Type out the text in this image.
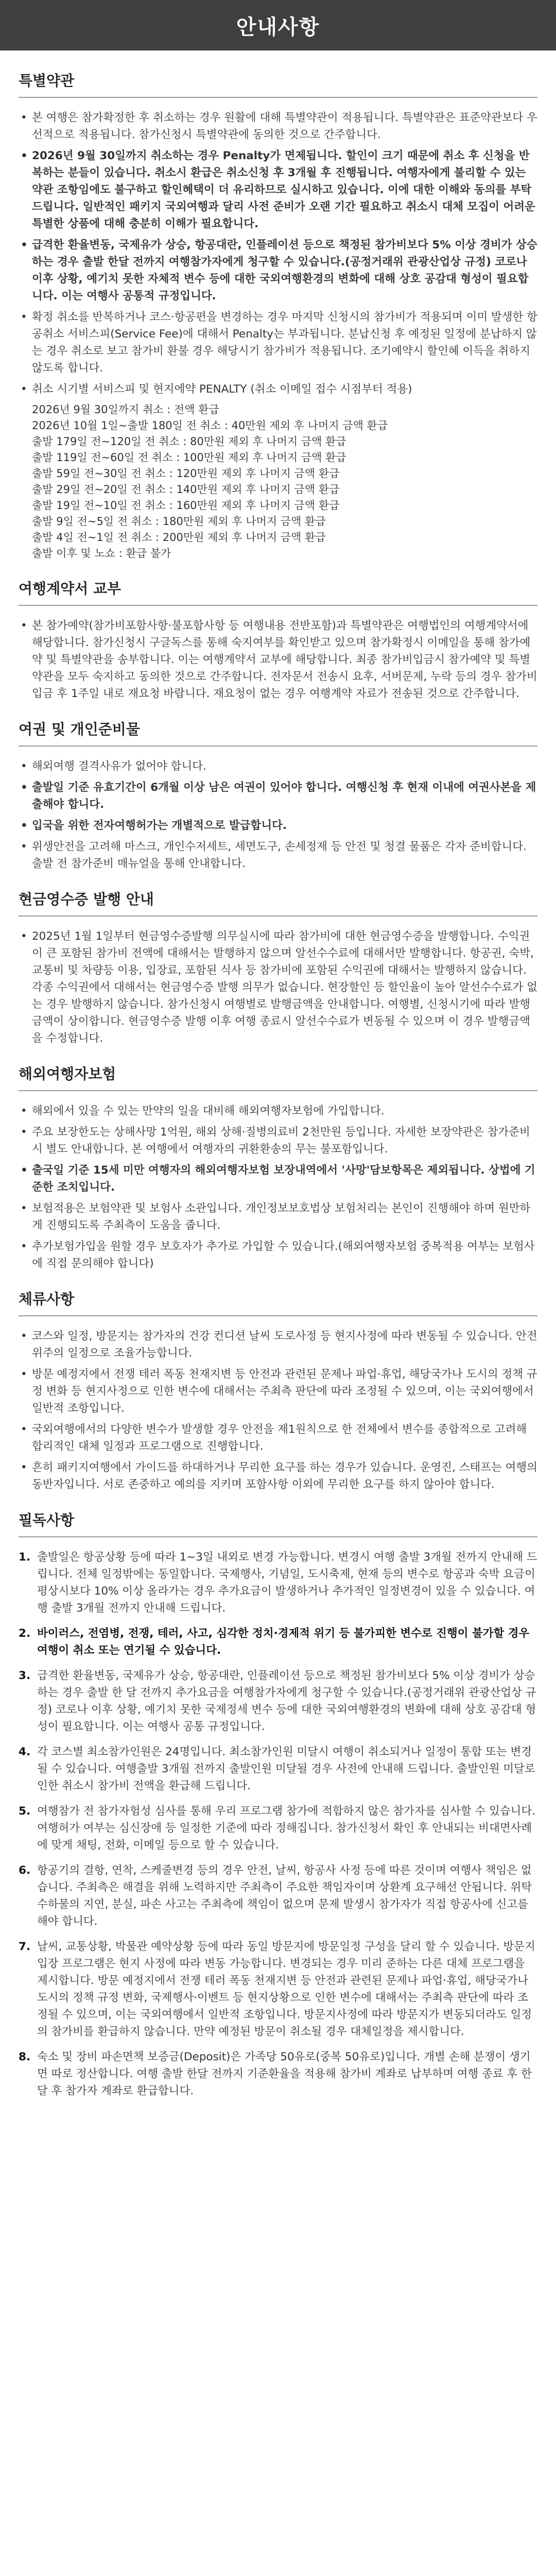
안내사항
특별약관
• 본 여행은 참가확정한 후 취소하는 경우 원활에 대해 특별약관이 적용됩니다. 특별약관은 표준약관보다 우선적으로 적용됩니다. 참가신청시 특별약관에 동의한 것으로 간주합니다.
• 2026년 9월 30일까지 취소하는 경우 Penalty가 면제됩니다. 할인이 크기 때문에 취소 후 신청을 반복하는 분들이 있습니다. 취소시 환급은 취소신청 후 3개월 후 진행됩니다. 여행자에게 불리할 수 있는 약관 조항임에도 불구하고 할인혜택이 더 유리하므로 실시하고 있습니다. 이에 대한 이해와 동의를 부탁드립니다. 일반적인 패키지 국외여행과 달리 사전 준비가 오랜 기간 필요하고 취소시 대체 모집이 어려운 특별한 상품에 대해 충분히 이해가 필요합니다.
• 급격한 환율변동, 국제유가 상승, 항공대란, 인플레이션 등으로 책정된 참가비보다 5% 이상 경비가 상승하는 경우 출발 한달 전까지 여행참가자에게 청구할 수 있습니다.(공정거래위 관광산업상 규정) 코로나 이후 상황, 예기치 못한 자체적 변수 등에 대한 국외여행환경의 변화에 대해 상호 공감대 형성이 필요합니다. 이는 여행사 공통적 규정입니다.
• 확정 취소를 반복하거나 코스·항공편을 변경하는 경우 마지막 신청시의 참가비가 적용되며 이미 발생한 항공취소 서비스피(Service Fee)에 대해서 Penalty는 부과됩니다. 분납신청 후 예정된 일정에 분납하지 않는 경우 취소로 보고 참가비 환불 경우 해당시기 참가비가 적용됩니다. 조기예약시 할인혜 이득을 취하지 않도록 합니다.
• 취소 시기별 서비스피 및 현지에약 PENALTY (취소 이메일 접수 시점부터 적용)
2026년 9월 30일까지 취소 : 전액 환급
2026년 10월 1일~출발 180일 전 취소 : 40만원 제외 후 나머지 금액 환급
출발 179일 전~120일 전 취소 : 80만원 제외 후 나머지 금액 환급
출발 119일 전~60일 전 취소 : 100만원 제외 후 나머지 금액 환급
출발 59일 전~30일 전 취소 : 120만원 제외 후 나머지 금액 환급
출발 29일 전~20일 전 취소 : 140만원 제외 후 나머지 금액 환급
출발 19일 전~10일 전 취소 : 160만원 제외 후 나머지 금액 환급
출발 9일 전~5일 전 취소 : 180만원 제외 후 나머지 금액 환급
출발 4일 전~1일 전 취소 : 200만원 제외 후 나머지 금액 환급
출발 이후 및 노쇼 : 환급 불가
여행계약서 교부
• 본 참가예약(참가비포함사항·불포함사항 등 여행내용 전반포함)과 특별약관은 여행법인의 여행계약서에 해당합니다. 참가신청시 구글독스를 통해 숙지여부를 확인받고 있으며 참가확정시 이메일을 통해 참가예약 및 특별약관을 송부합니다. 이는 여행계약서 교부에 해당합니다. 최종 참가비입금시 참가예약 및 특별약관을 모두 숙지하고 동의한 것으로 간주합니다. 전자문서 전송시 요후, 서버문제, 누락 등의 경우 참가비입금 후 1주일 내로 재요청 바랍니다. 재요청이 없는 경우 여행계약 자료가 전송된 것으로 간주합니다.
여권 및 개인준비물
• 해외여행 결격사유가 없어야 합니다.
• 출발일 기준 유효기간이 6개월 이상 남은 여권이 있어야 합니다. 여행신청 후 현재 이내에 여권사본을 제출해야 합니다.
• 입국을 위한 전자여행허가는 개별적으로 발급합니다.
• 위생안전을 고려해 마스크, 개인수저세트, 세면도구, 손세정제 등 안전 및 청결 물품은 각자 준비합니다. 출발 전 참가준비 매뉴얼을 통해 안내합니다.
현금영수증 발행 안내
• 2025년 1월 1일부터 현금영수증발행 의무실시에 따라 참가비에 대한 현금영수증을 발행합니다. 수익권이 큰 포함된 참가비 전액에 대해서는 발행하지 않으며 알선수수료에 대해서만 발행합니다. 항공권, 숙박, 교통비 및 차량등 이용, 입장료, 포함된 식사 등 참가비에 포함된 수익권에 대해서는 발행하지 않습니다. 각종 수익권에서 대해서는 현금영수증 발행 의무가 없습니다. 현장할인 등 할인율이 높아 알선수수료가 없는 경우 발행하지 않습니다. 참가신청시 여행별로 발행금액을 안내합니다. 여행별, 신청시기에 따라 발행금액이 상이합니다. 현금영수증 발행 이후 여행 종료시 알선수수료가 변동될 수 있으며 이 경우 발행금액을 수정합니다.
해외여행자보험
• 해외에서 있을 수 있는 만약의 일을 대비해 해외여행자보험에 가입합니다.
• 주요 보장한도는 상해사망 1억원, 해외 상해·질병의료비 2천만원 등입니다. 자세한 보장약관은 참가준비 시 별도 안내합니다. 본 여행에서 여행자의 귀환환송의 무는 불포함입니다.
• 출국일 기준 15세 미만 여행자의 해외여행자보험 보장내역에서 '사망'담보항목은 제외됩니다. 상법에 기준한 조치입니다.
• 보험적용은 보험약관 및 보험사 소관입니다. 개인정보보호법상 보험처리는 본인이 진행해야 하며 원만하게 진행되도록 주최측이 도움을 줍니다.
• 추가보험가입을 원할 경우 보호자가 추가로 가입할 수 있습니다.(해외여행자보험 중복적용 여부는 보험사에 직접 문의해야 합니다)
체류사항
• 코스와 일정, 방문지는 참가자의 건강 컨디션 날씨 도로사정 등 현지사정에 따라 변동될 수 있습니다. 안전위주의 일정으로 조율가능합니다.
• 방문 예정지에서 전쟁 테러 폭동 천재지변 등 안전과 관련된 문제나 파업·휴업, 해당국가나 도시의 정책 규정 변화 등 현지사정으로 인한 변수에 대해서는 주최측 판단에 따라 조정될 수 있으며, 이는 국외여행에서 일반적 조항입니다.
• 국외여행에서의 다양한 변수가 발생할 경우 안전을 제1원칙으로 한 전체에서 변수를 종합적으로 고려해 합리적인 대체 일정과 프로그램으로 진행합니다.
• 흔히 패키지여행에서 가이드를 하대하거나 무리한 요구를 하는 경우가 있습니다. 운영진, 스태프는 여행의 동반자입니다. 서로 존중하고 예의를 지키며 포함사항 이외에 무리한 요구를 하지 않아야 합니다.
필독사항
1. 출발일은 항공상황 등에 따라 1~3일 내외로 변경 가능합니다. 변경시 여행 출발 3개월 전까지 안내해 드립니다. 전체 일정밖에는 동일합니다. 국제행사, 기념일, 도시축제, 현재 등의 변수로 항공과 숙박 요금이 평상시보다 10% 이상 올라가는 경우 추가요금이 발생하거나 추가적인 일정변경이 있을 수 있습니다. 여행 출발 3개월 전까지 안내해 드립니다.
2. 바이러스, 전염병, 전쟁, 테러, 사고, 심각한 정치·경제적 위기 등 불가피한 변수로 진행이 불가할 경우 여행이 취소 또는 연기될 수 있습니다.
3. 급격한 환율변동, 국제유가 상승, 항공대란, 인플레이션 등으로 책정된 참가비보다 5% 이상 경비가 상승하는 경우 출발 한 달 전까지 추가요금을 여행참가자에게 청구할 수 있습니다.(공정거래위 관광산업상 규정) 코로나 이후 상황, 예기치 못한 국제정세 변수 등에 대한 국외여행환경의 변화에 대해 상호 공감대 형성이 필요합니다. 이는 여행사 공통 규정입니다.
4. 각 코스별 최소참가인원은 24명입니다. 최소참가인원 미달시 여행이 취소되거나 일정이 통합 또는 변경될 수 있습니다. 여행출발 3개월 전까지 출발인원 미달될 경우 사전에 안내해 드립니다. 출발인원 미달로 인한 취소시 참가비 전액을 환급해 드립니다.
5. 여행참가 전 참가자험성 심사를 통해 우리 프로그램 참가에 적합하지 않은 참가자를 심사할 수 있습니다. 여행허가 여부는 심신장애 등 일정한 기준에 따라 정해집니다. 참가신청서 확인 후 안내되는 비대면사례에 맞게 채팅, 전화, 이메일 등으로 할 수 있습니다.
6. 항공기의 결항, 연착, 스케줄변경 등의 경우 안전, 날씨, 항공사 사정 등에 따른 것이며 여행사 책임은 없습니다. 주최측은 해결을 위해 노력하지만 주최측이 주요한 책임자이며 상환계 요구해선 안됩니다. 위탁 수하물의 지연, 분실, 파손 사고는 주최측에 책임이 없으며 문제 발생시 참가자가 직접 항공사에 신고를 해야 합니다.
7. 날씨, 교통상황, 박물관 예약상황 등에 따라 동일 방문지에 방문일정 구성을 달리 할 수 있습니다. 방문지 입장 프로그램은 현지 사정에 따라 변동 가능합니다. 변경되는 경우 미리 준하는 다른 대체 프로그램을 제시합니다. 방문 예정지에서 전쟁 테러 폭동 천재지변 등 안전과 관련된 문제나 파업·휴업, 해당국가나 도시의 정책 규정 변화, 국제행사·이벤트 등 현지상황으로 인한 변수에 대해서는 주최측 판단에 따라 조정될 수 있으며, 이는 국외여행에서 일반적 조항입니다. 방문지사정에 따라 방문지가 변동되더라도 일정의 참가비를 환급하지 않습니다. 만약 예정된 방문이 취소될 경우 대체일정을 제시합니다.
8. 숙소 및 장비 파손면책 보증금(Deposit)은 가족당 50유로(중복 50유로)입니다. 개별 손해 분쟁이 생기면 따로 정산합니다. 여행 출발 한달 전까지 기준환율을 적용해 참가비 계좌로 납부하며 여행 종료 후 한 달 후 참가자 계좌로 환급합니다.
